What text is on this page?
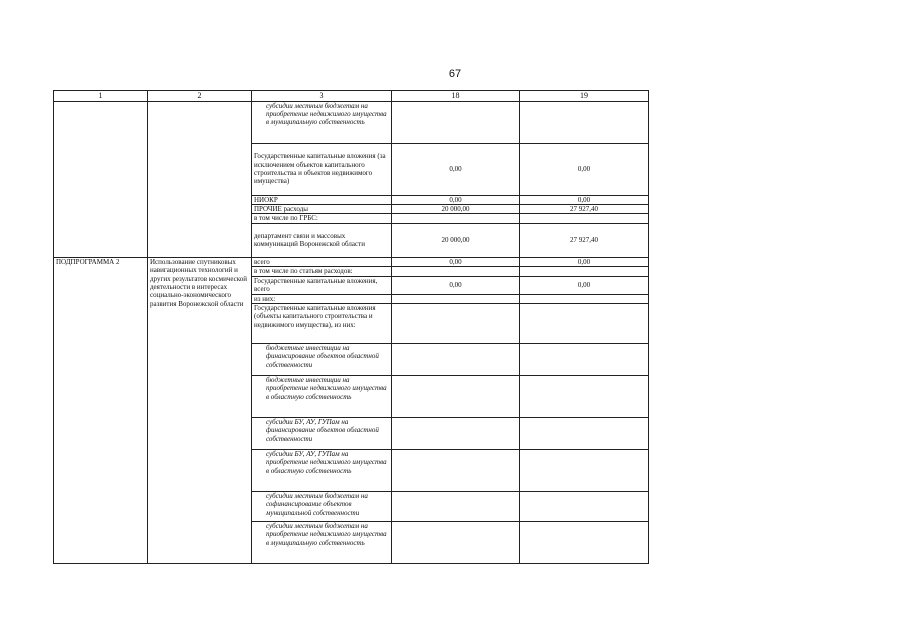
67
1	2	3	18	19
		субсидии местным бюджетам на приобретение недвижимого имущества в муниципальную собственность		
		Государственные капитальные вложения (за исключением объектов капитального строительства и объектов недвижимого имущества)	0,00	0,00
		НИОКР	0,00	0,00
		ПРОЧИЕ расходы	20 000,00	27 927,40
		в том числе по ГРБС:		
		департамент связи и массовых коммуникаций Воронежской области	20 000,00	27 927,40
ПОДПРОГРАММА 2	Использование спутниковых навигационных технологий и других результатов космической деятельности в интересах социально-экономического развития Воронежской области	всего	0,00	0,00
		в том числе по статьям расходов:		
		Государственные капитальные вложения, всего	0,00	0,00
		из них:		
		Государственные капитальные вложения (объекты капитального строительства и недвижимого имущества), из них:		
		бюджетные инвестиции на финансирование объектов областной собственности		
		бюджетные инвестиции на приобретение недвижимого имущества в областную собственность		
		субсидии БУ, АУ, ГУПам на финансирование объектов областной собственности		
		субсидии БУ, АУ, ГУПам на приобретение недвижимого имущества в областную собственность		
		субсидии местным бюджетам на софинансирование объектов муниципальной собственности		
		субсидии местным бюджетам на приобретение недвижимого имущества в муниципальную собственность		
